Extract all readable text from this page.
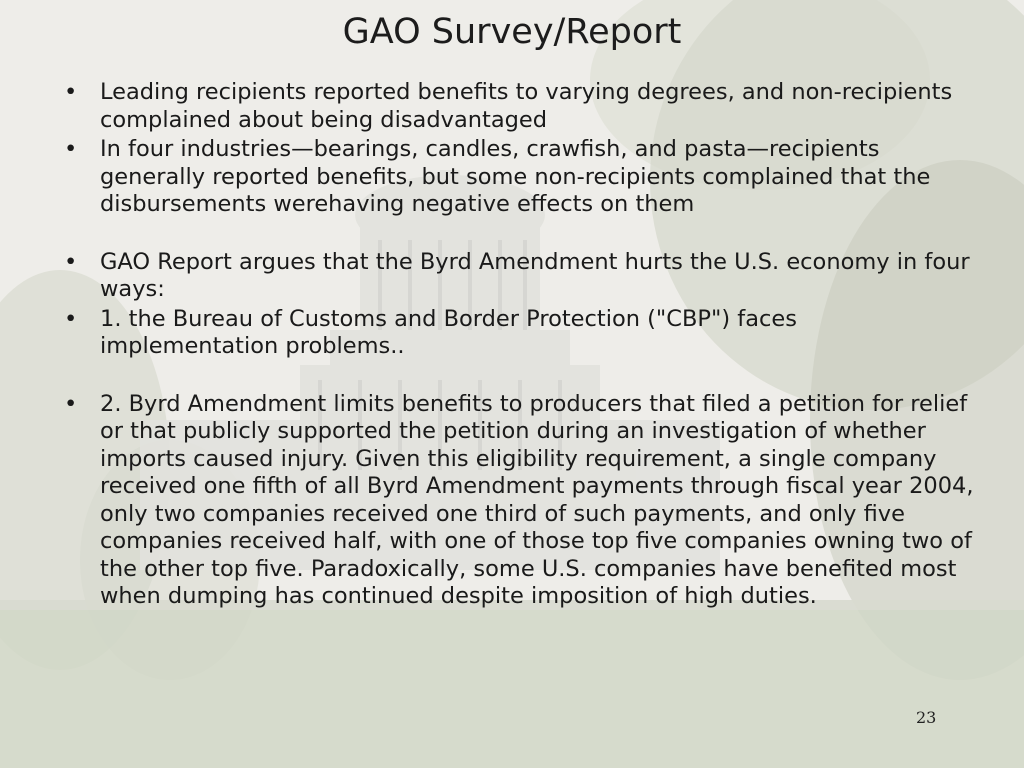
GAO Survey/Report
• Leading recipients reported benefits to varying degrees, and non-recipients complained about being disadvantaged
• In four industries—bearings, candles, crawfish, and pasta—recipients generally reported benefits, but some non-recipients complained that the disbursements werehaving negative effects on them
• GAO Report argues that the Byrd Amendment hurts the U.S. economy in four ways:
• 1. the Bureau of Customs and Border Protection ("CBP") faces implementation problems..
• 2. Byrd Amendment limits benefits to producers that filed a petition for relief or that publicly supported the petition during an investigation of whether imports caused injury. Given this eligibility requirement, a single company received one fifth of all Byrd Amendment payments through fiscal year 2004, only two companies received one third of such payments, and only five companies received half, with one of those top five companies owning two of the other top five. Paradoxically, some U.S. companies have benefited most when dumping has continued despite imposition of high duties.
23
